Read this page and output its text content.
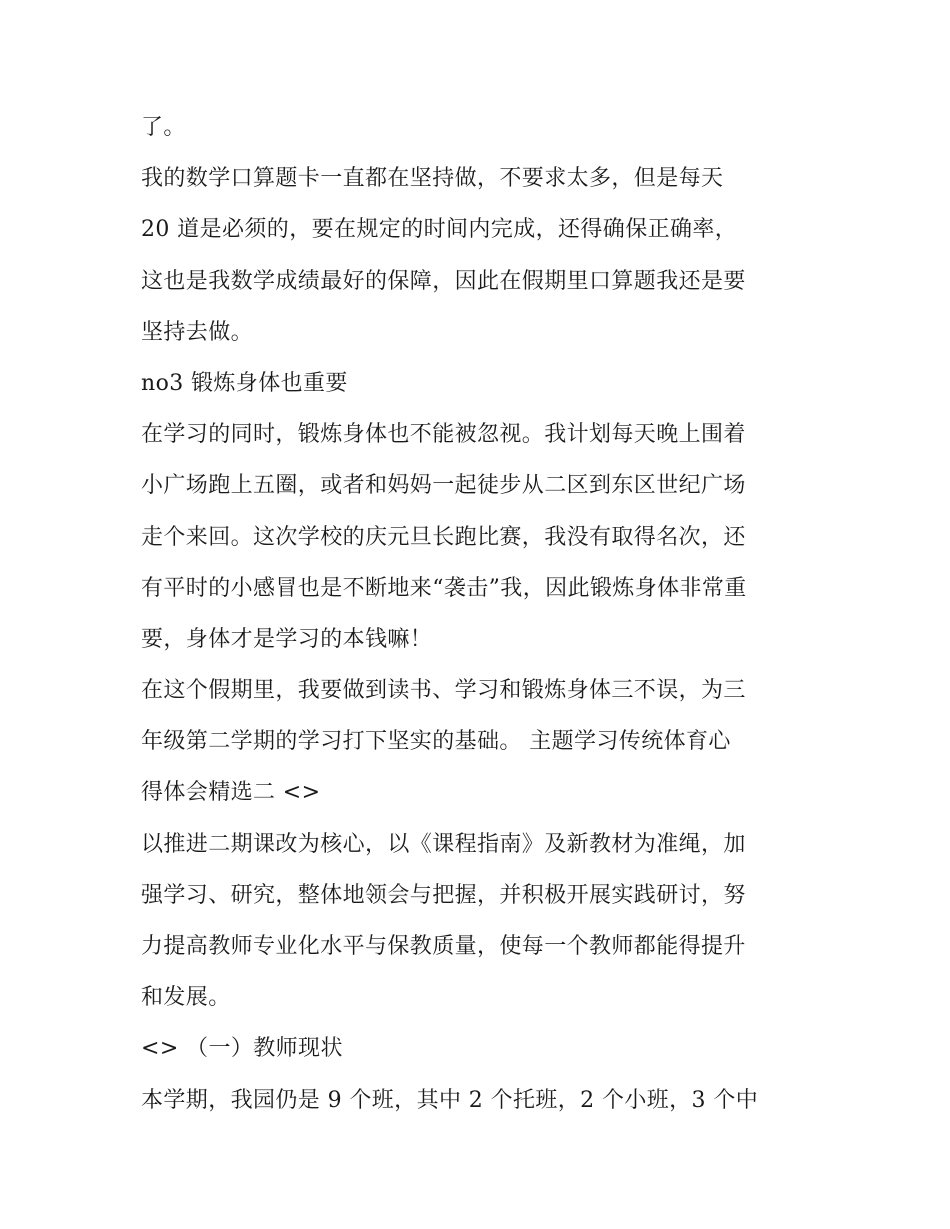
了。
我的数学口算题卡一直都在坚持做，不要求太多，但是每天
20 道是必须的，要在规定的时间内完成，还得确保正确率，
这也是我数学成绩最好的保障，因此在假期里口算题我还是要
坚持去做。
no3 锻炼身体也重要
在学习的同时，锻炼身体也不能被忽视。我计划每天晚上围着
小广场跑上五圈，或者和妈妈一起徒步从二区到东区世纪广场
走个来回。这次学校的庆元旦长跑比赛，我没有取得名次，还
有平时的小感冒也是不断地来“袭击”我，因此锻炼身体非常重
要，身体才是学习的本钱嘛！
在这个假期里，我要做到读书、学习和锻炼身体三不误，为三
年级第二学期的学习打下坚实的基础。 主题学习传统体育心
得体会精选二 <>
以推进二期课改为核心，以《课程指南》及新教材为准绳，加
强学习、研究，整体地领会与把握，并积极开展实践研讨，努
力提高教师专业化水平与保教质量，使每一个教师都能得提升
和发展。
<> （一）教师现状
本学期，我园仍是 9 个班，其中 2 个托班，2 个小班，3 个中
